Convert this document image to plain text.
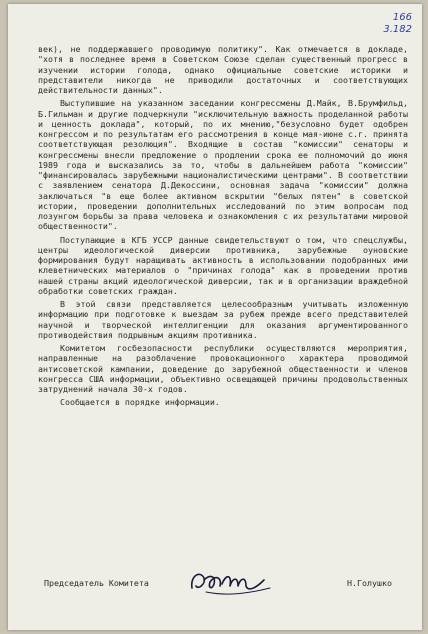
166
3.182

век), не поддержавшего проводимую политику". Как отмечается в докладе, "хотя в последнее время в Советском Союзе сделан существенный прогресс в изучении истории голода, однако официальные советские историки и представители никогда не приводили достаточных и соответствующих действительности данных".

Выступившие на указанном заседании конгрессмены Д.Майк, В.Брумфильд, Б.Гильман и другие подчеркнули "исключительную важность проделанной работы и ценность доклада", который, по их мнению,"безусловно будет одобрен конгрессом и по результатам его рассмотрения в конце мая-июне с.г. принята соответствующая резолюция". Входящие в состав "комиссии" сенаторы и конгрессмены внесли предложение о продлении срока ее полномочий до июня 1989 года и высказались за то, чтобы в дальнейшем работа "комиссии" "финансировалась зарубежными националистическими центрами". В соответствии с заявлением сенатора Д.Декоссини, основная задача "комиссии" должна заключаться "в еще более активном вскрытии "белых пятен" в советской истории, проведении дополнительных исследований по этим вопросам под лозунгом борьбы за права человека и ознакомления с их результатами мировой общественности".

Поступающие в КГБ УССР данные свидетельствуют о том, что спецслужбы, центры идеологической диверсии противника, зарубежные оуновские формирования будут наращивать активность в использовании подобранных ими клеветнических материалов о "причинах голода" как в проведении против нашей страны акций идеологической диверсии, так и в организации враждебной обработки советских граждан.

В этой связи представляется целесообразным учитывать изложенную информацию при подготовке к выездам за рубеж прежде всего представителей научной и творческой интеллигенции для оказания аргументированного противодействия подрывным акциям противника.

Комитетом госбезопасности республики осуществляются мероприятия, направленные на разоблачение провокационного характера проводимой антисоветской кампании, доведение до зарубежной общественности и членов конгресса США информации, объективно освещающей причины продовольственных затруднений начала 30-х годов.

Сообщается в порядке информации.

Председатель Комитета	Н.Голушко
